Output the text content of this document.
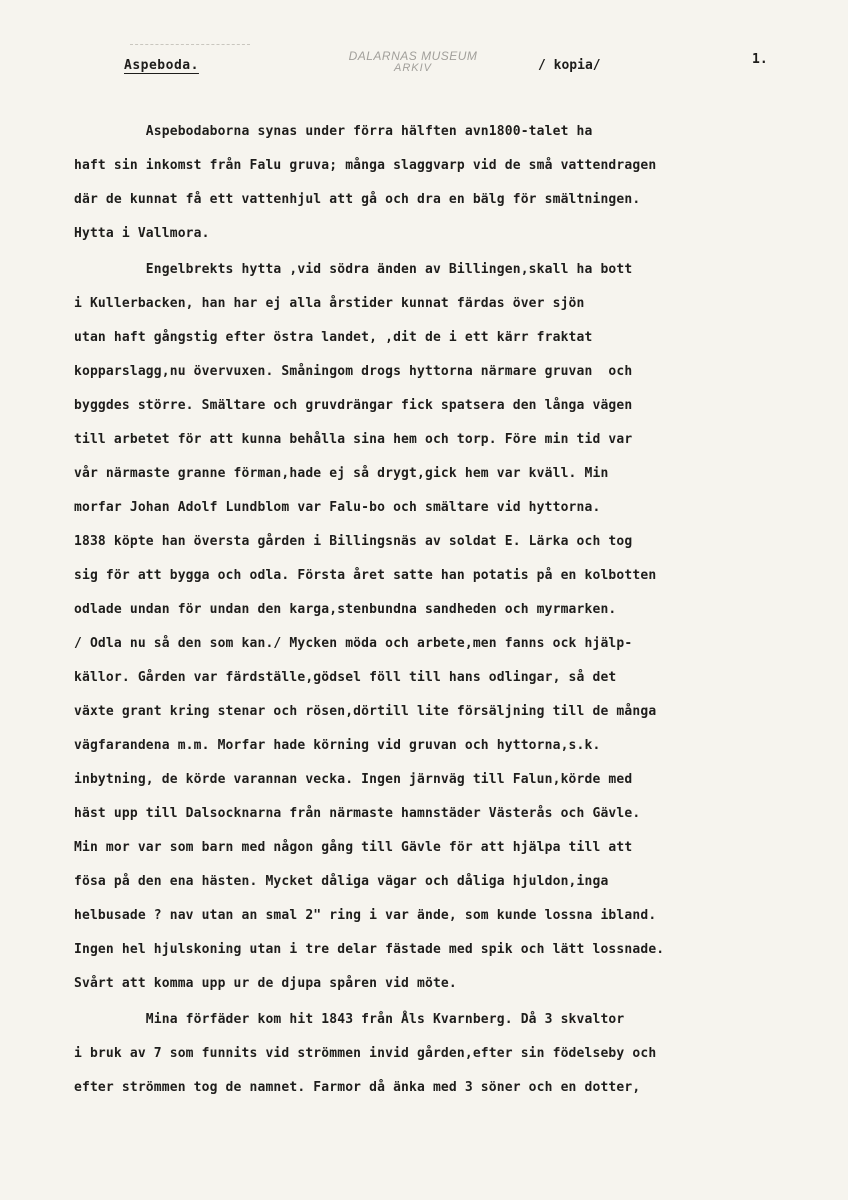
Aspeboda.
DALARNAS MUSEUM
ARKIV	/ kopia/	1.
Aspebodaborna synas under förra hälften avn1800-talet ha
haft sin inkomst från Falu gruva; många slaggvarp vid de små vattendragen
där de kunnat få ett vattenhjul att gå och dra en bälg för smältningen.
Hytta i Vallmora.
Engelbrekts hytta ,vid södra änden av Billingen,skall ha bott
i Kullerbacken, han har ej alla årstider kunnat färdas över sjön
utan haft gångstig efter östra landet, ,dit de i ett kärr fraktat
kopparslagg,nu övervuxen. Småningom drogs hyttorna närmare gruvan  och
byggdes större. Smältare och gruvdrängar fick spatsera den långa vägen
till arbetet för att kunna behålla sina hem och torp. Före min tid var
vår närmaste granne förman,hade ej så drygt,gick hem var kväll. Min
morfar Johan Adolf Lundblom var Falu-bo och smältare vid hyttorna.
1838 köpte han översta gården i Billingsnäs av soldat E. Lärka och tog
sig för att bygga och odla. Första året satte han potatis på en kolbotten
odlade undan för undan den karga,stenbundna sandheden och myrmarken.
/ Odla nu så den som kan./ Mycken möda och arbete,men fanns ock hjälp-
källor. Gården var färdställe,gödsel föll till hans odlingar, så det
växte grant kring stenar och rösen,dörtill lite försäljning till de många
vägfarandena m.m. Morfar hade körning vid gruvan och hyttorna,s.k.
inbytning, de körde varannan vecka. Ingen järnväg till Falun,körde med
häst upp till Dalsocknarna från närmaste hamnstäder Västerås och Gävle.
Min mor var som barn med någon gång till Gävle för att hjälpa till att
fösa på den ena hästen. Mycket dåliga vägar och dåliga hjuldon,inga
helbusade ? nav utan an smal 2" ring i var ände, som kunde lossna ibland.
Ingen hel hjulskoning utan i tre delar fästade med spik och lätt lossnade.
Svårt att komma upp ur de djupa spåren vid möte.
Mina förfäder kom hit 1843 från Åls Kvarnberg. Då 3 skvaltor
i bruk av 7 som funnits vid strömmen invid gården,efter sin födelseby och
efter strömmen tog de namnet. Farmor då änka med 3 söner och en dotter,
